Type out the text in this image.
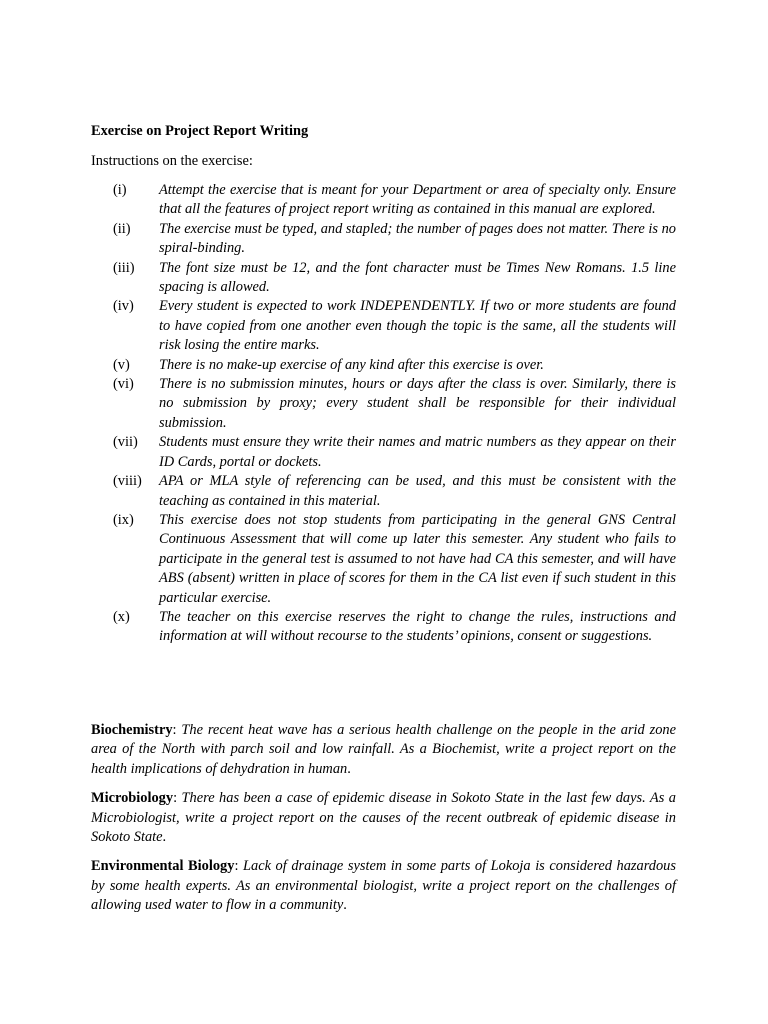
Exercise on Project Report Writing
Instructions on the exercise:
(i) Attempt the exercise that is meant for your Department or area of specialty only. Ensure that all the features of project report writing as contained in this manual are explored.
(ii) The exercise must be typed, and stapled; the number of pages does not matter. There is no spiral-binding.
(iii) The font size must be 12, and the font character must be Times New Romans. 1.5 line spacing is allowed.
(iv) Every student is expected to work INDEPENDENTLY. If two or more students are found to have copied from one another even though the topic is the same, all the students will risk losing the entire marks.
(v) There is no make-up exercise of any kind after this exercise is over.
(vi) There is no submission minutes, hours or days after the class is over. Similarly, there is no submission by proxy; every student shall be responsible for their individual submission.
(vii) Students must ensure they write their names and matric numbers as they appear on their ID Cards, portal or dockets.
(viii) APA or MLA style of referencing can be used, and this must be consistent with the teaching as contained in this material.
(ix) This exercise does not stop students from participating in the general GNS Central Continuous Assessment that will come up later this semester. Any student who fails to participate in the general test is assumed to not have had CA this semester, and will have ABS (absent) written in place of scores for them in the CA list even if such student in this particular exercise.
(x) The teacher on this exercise reserves the right to change the rules, instructions and information at will without recourse to the students’ opinions, consent or suggestions.

Biochemistry: The recent heat wave has a serious health challenge on the people in the arid zone area of the North with parch soil and low rainfall. As a Biochemist, write a project report on the health implications of dehydration in human.

Microbiology: There has been a case of epidemic disease in Sokoto State in the last few days. As a Microbiologist, write a project report on the causes of the recent outbreak of epidemic disease in Sokoto State.

Environmental Biology: Lack of drainage system in some parts of Lokoja is considered hazardous by some health experts. As an environmental biologist, write a project report on the challenges of allowing used water to flow in a community.
